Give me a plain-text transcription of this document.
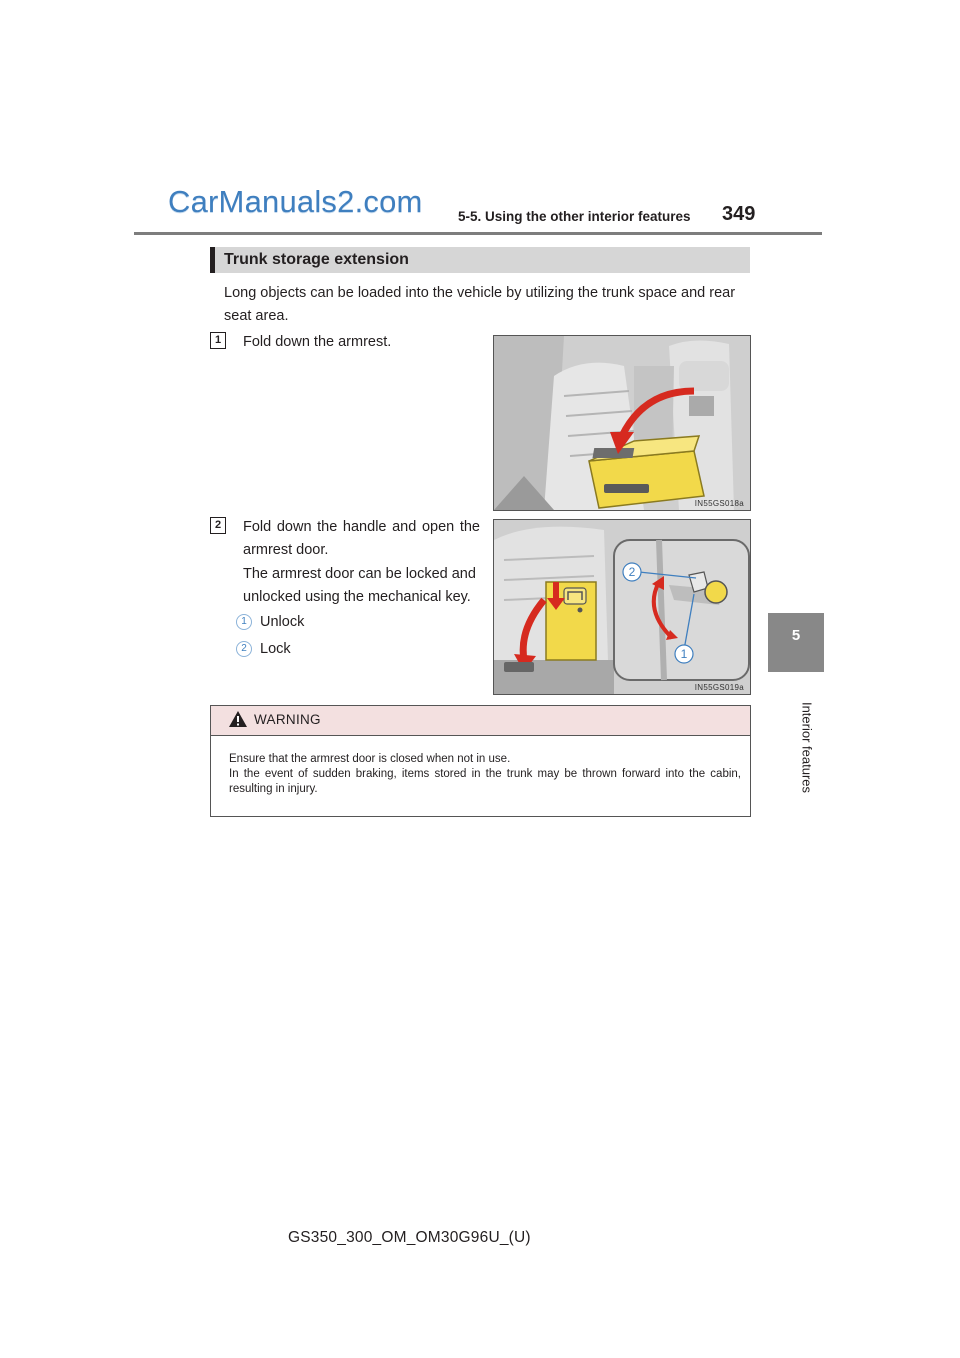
CarManuals2.com	5-5. Using the other interior features 349
5
Interior features
Trunk storage extension
Long objects can be loaded into the vehicle by utilizing the trunk space and rear seat area.
1	Fold down the armrest.
IN55GS018a
2	Fold down the handle and open the armrest door.
The armrest door can be locked and unlocked using the mechanical key.
1 Unlock
2 Lock
2
1
IN55GS019a
WARNING
Ensure that the armrest door is closed when not in use.
In the event of sudden braking, items stored in the trunk may be thrown forward into the cabin, resulting in injury.
GS350_300_OM_OM30G96U_(U)
